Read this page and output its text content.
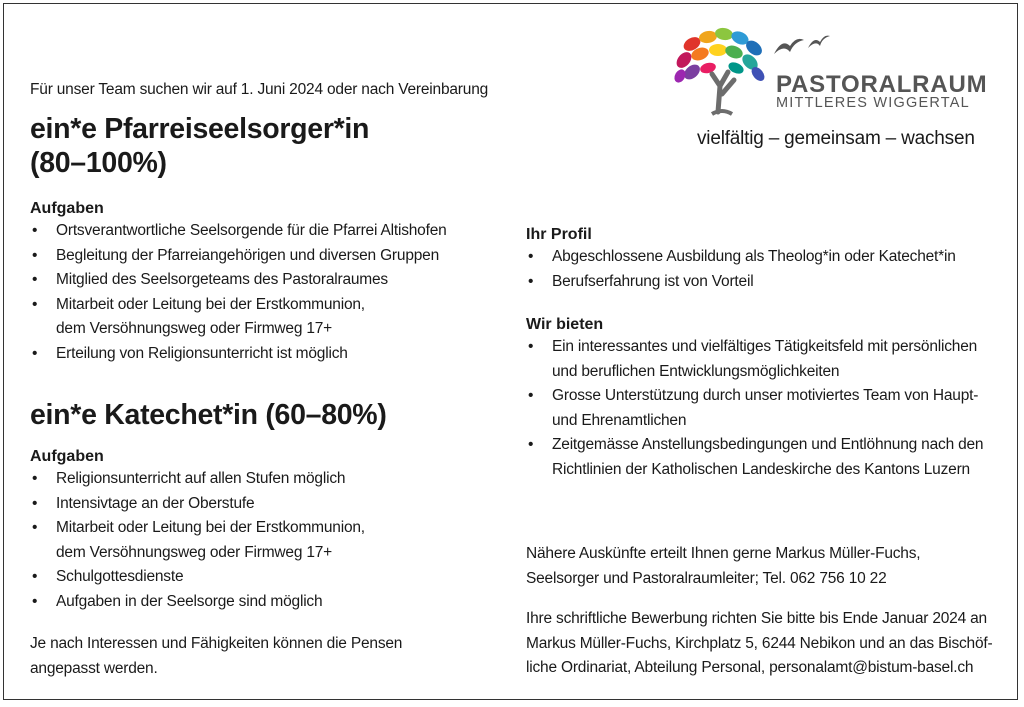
PASTORALRAUM
MITTLERES WIGGERTAL
vielfältig – gemeinsam – wachsen
Für unser Team suchen wir auf 1. Juni 2024 oder nach Vereinbarung
ein*e Pfarreiseelsorger*in
(80–100%)
Aufgaben
• Ortsverantwortliche Seelsorgende für die Pfarrei Altishofen
• Begleitung der Pfarreiangehörigen und diversen Gruppen
• Mitglied des Seelsorgeteams des Pastoralraumes
• Mitarbeit oder Leitung bei der Erstkommunion,
dem Versöhnungsweg oder Firmweg 17+
• Erteilung von Religionsunterricht ist möglich
ein*e Katechet*in (60–80%)
Aufgaben
• Religionsunterricht auf allen Stufen möglich
• Intensivtage an der Oberstufe
• Mitarbeit oder Leitung bei der Erstkommunion,
dem Versöhnungsweg oder Firmweg 17+
• Schulgottesdienste
• Aufgaben in der Seelsorge sind möglich
Je nach Interessen und Fähigkeiten können die Pensen
angepasst werden.
Ihr Profil
• Abgeschlossene Ausbildung als Theolog*in oder Katechet*in
• Berufserfahrung ist von Vorteil
Wir bieten
• Ein interessantes und vielfältiges Tätigkeitsfeld mit persönlichen
und beruflichen Entwicklungsmöglichkeiten
• Grosse Unterstützung durch unser motiviertes Team von Haupt-
und Ehrenamtlichen
• Zeitgemässe Anstellungsbedingungen und Entlöhnung nach den
Richtlinien der Katholischen Landeskirche des Kantons Luzern
Nähere Auskünfte erteilt Ihnen gerne Markus Müller-Fuchs,
Seelsorger und Pastoralraumleiter; Tel. 062 756 10 22
Ihre schriftliche Bewerbung richten Sie bitte bis Ende Januar 2024 an
Markus Müller-Fuchs, Kirchplatz 5, 6244 Nebikon und an das Bischöf-
liche Ordinariat, Abteilung Personal, personalamt@bistum-basel.ch
